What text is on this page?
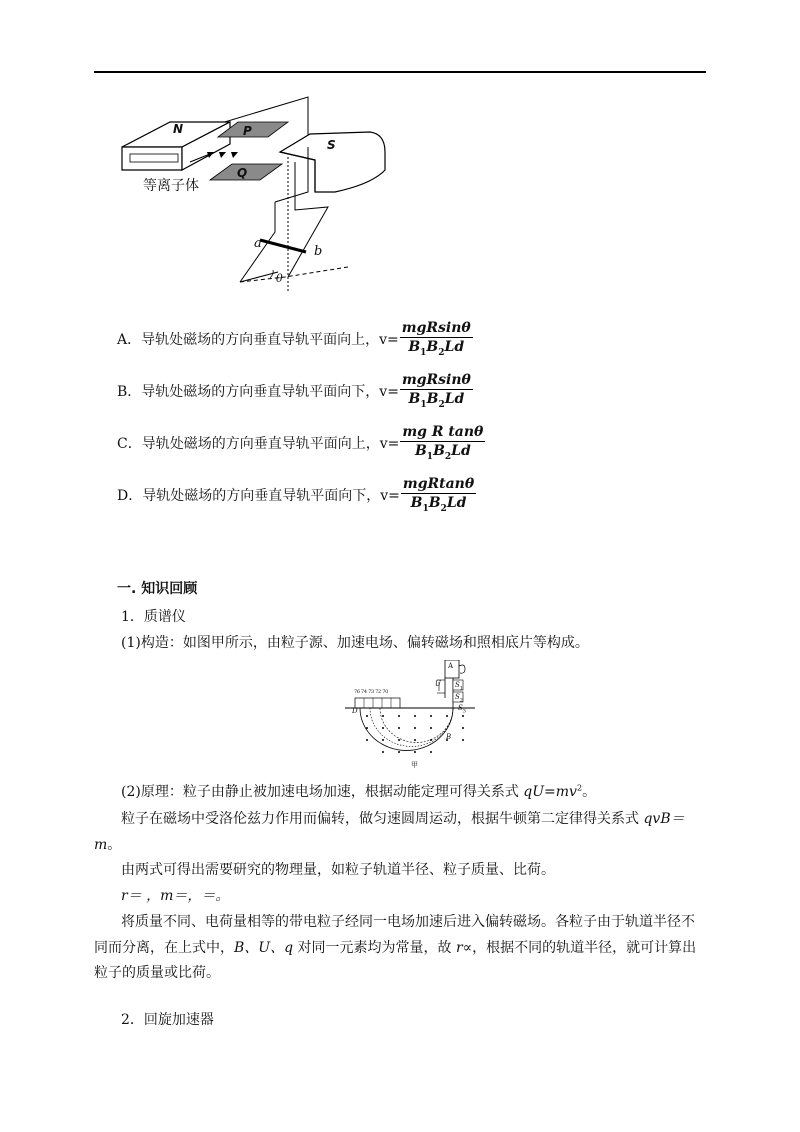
N	P
Q
S
等离子体
a
b
θ
A． 导轨处磁场的方向垂直导轨平面向上，$v= \frac{\text{mgRsinθ}}{B_1B_2Ld}$
B． 导轨处磁场的方向垂直导轨平面向下，$v= \frac{\text{mgRsinθ}}{B_1B_2Ld}$
C． 导轨处磁场的方向垂直导轨平面向上，$v= \frac{\text{mg R tanθ}}{B_1B_2Ld}$
D． 导轨处磁场的方向垂直导轨平面向下，$v= \frac{\text{mgRtanθ}}{B_1B_2Ld}$
一. 知识回顾
1．质谱仪
(1)构造：如图甲所示，由粒子源、加速电场、偏转磁场和照相底片等构成。
A
U $S_1$
$S_2$
$S_3$
D
B
76 74 73 72 70
甲
(2)原理：粒子由静止被加速电场加速，根据动能定理可得关系式 $qU=mv^2$。
粒子在磁场中受洛伦兹力作用而偏转，做匀速圆周运动，根据牛顿第二定律得关系式 qvB＝
m。
由两式可得出需要研究的物理量，如粒子轨道半径、粒子质量、比荷。
r＝ ，m＝，＝。
将质量不同、电荷量相等的带电粒子经同一电场加速后进入偏转磁场。各粒子由于轨道半径不
同而分离，在上式中，B、U、q 对同一元素均为常量，故 r∝，根据不同的轨道半径，就可计算出
粒子的质量或比荷。
2．回旋加速器
